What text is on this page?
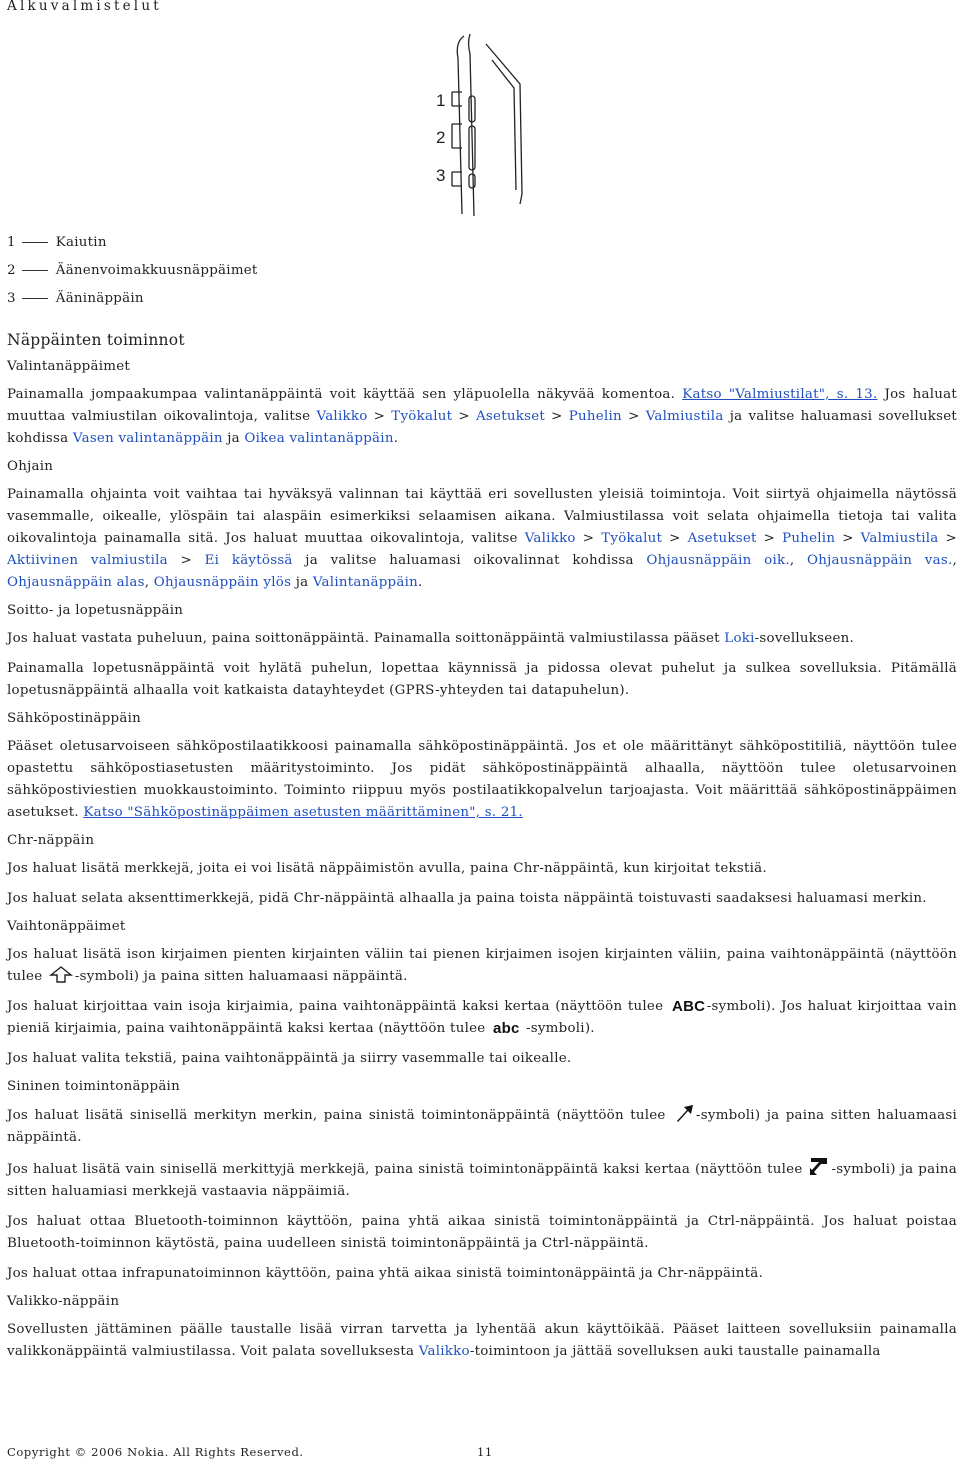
Alkuvalmistelut
1
2
3
1	Kaiutin
2	Äänenvoimakkuusnäppäimet
3	Ääninäppäin
Näppäinten toiminnot
Valintanäppäimet

Painamalla jompaakumpaa valintanäppäintä voit käyttää sen yläpuolella näkyvää komentoa. Katso "Valmiustilat", s. 13. Jos haluat muuttaa valmiustilan oikovalintoja, valitse Valikko > Työkalut > Asetukset > Puhelin > Valmiustila ja valitse haluamasi sovellukset kohdissa Vasen valintanäppäin ja Oikea valintanäppäin.

Ohjain

Painamalla ohjainta voit vaihtaa tai hyväksyä valinnan tai käyttää eri sovellusten yleisiä toimintoja. Voit siirtyä ohjaimella näytössä vasemmalle, oikealle, ylöspäin tai alaspäin esimerkiksi selaamisen aikana. Valmiustilassa voit selata ohjaimella tietoja tai valita oikovalintoja painamalla sitä. Jos haluat muuttaa oikovalintoja, valitse Valikko > Työkalut > Asetukset > Puhelin > Valmiustila > Aktiivinen valmiustila > Ei käytössä ja valitse haluamasi oikovalinnat kohdissa Ohjausnäppäin oik., Ohjausnäppäin vas., Ohjausnäppäin alas, Ohjausnäppäin ylös ja Valintanäppäin.

Soitto- ja lopetusnäppäin

Jos haluat vastata puheluun, paina soittonäppäintä. Painamalla soittonäppäintä valmiustilassa pääset Loki-sovellukseen.

Painamalla lopetusnäppäintä voit hylätä puhelun, lopettaa käynnissä ja pidossa olevat puhelut ja sulkea sovelluksia. Pitämällä lopetusnäppäintä alhaalla voit katkaista datayhteydet (GPRS-yhteyden tai datapuhelun).

Sähköpostinäppäin

Pääset oletusarvoiseen sähköpostilaatikkoosi painamalla sähköpostinäppäintä. Jos et ole määrittänyt sähköpostitiliä, näyttöön tulee opastettu sähköpostiasetusten määritystoiminto. Jos pidät sähköpostinäppäintä alhaalla, näyttöön tulee oletusarvoinen sähköpostiviestien muokkaustoiminto. Toiminto riippuu myös postilaatikkopalvelun tarjoajasta. Voit määrittää sähköpostinäppäimen asetukset. Katso "Sähköpostinäppäimen asetusten määrittäminen", s. 21.

Chr-näppäin

Jos haluat lisätä merkkejä, joita ei voi lisätä näppäimistön avulla, paina Chr-näppäintä, kun kirjoitat tekstiä.

Jos haluat selata aksenttimerkkejä, pidä Chr-näppäintä alhaalla ja paina toista näppäintä toistuvasti saadaksesi haluamasi merkin.

Vaihtonäppäimet

Jos haluat lisätä ison kirjaimen pienten kirjainten väliin tai pienen kirjaimen isojen kirjainten väliin, paina vaihtonäppäintä (näyttöön tulee -symboli) ja paina sitten haluamaasi näppäintä.

Jos haluat kirjoittaa vain isoja kirjaimia, paina vaihtonäppäintä kaksi kertaa (näyttöön tulee ABC -symboli). Jos haluat kirjoittaa vain pieniä kirjaimia, paina vaihtonäppäintä kaksi kertaa (näyttöön tulee abc -symboli).

Jos haluat valita tekstiä, paina vaihtonäppäintä ja siirry vasemmalle tai oikealle.

Sininen toimintonäppäin

Jos haluat lisätä sinisellä merkityn merkin, paina sinistä toimintonäppäintä (näyttöön tulee -symboli) ja paina sitten haluamaasi näppäintä.

Jos haluat lisätä vain sinisellä merkittyjä merkkejä, paina sinistä toimintonäppäintä kaksi kertaa (näyttöön tulee -symboli) ja paina sitten haluamiasi merkkejä vastaavia näppäimiä.

Jos haluat ottaa Bluetooth-toiminnon käyttöön, paina yhtä aikaa sinistä toimintonäppäintä ja Ctrl-näppäintä. Jos haluat poistaa Bluetooth-toiminnon käytöstä, paina uudelleen sinistä toimintonäppäintä ja Ctrl-näppäintä.

Jos haluat ottaa infrapunatoiminnon käyttöön, paina yhtä aikaa sinistä toimintonäppäintä ja Chr-näppäintä.

Valikko-näppäin

Sovellusten jättäminen päälle taustalle lisää virran tarvetta ja lyhentää akun käyttöikää. Pääset laitteen sovelluksiin painamalla valikkonäppäintä valmiustilassa. Voit palata sovelluksesta Valikko-toimintoon ja jättää sovelluksen auki taustalle painamalla

Copyright © 2006 Nokia. All Rights Reserved.	11
